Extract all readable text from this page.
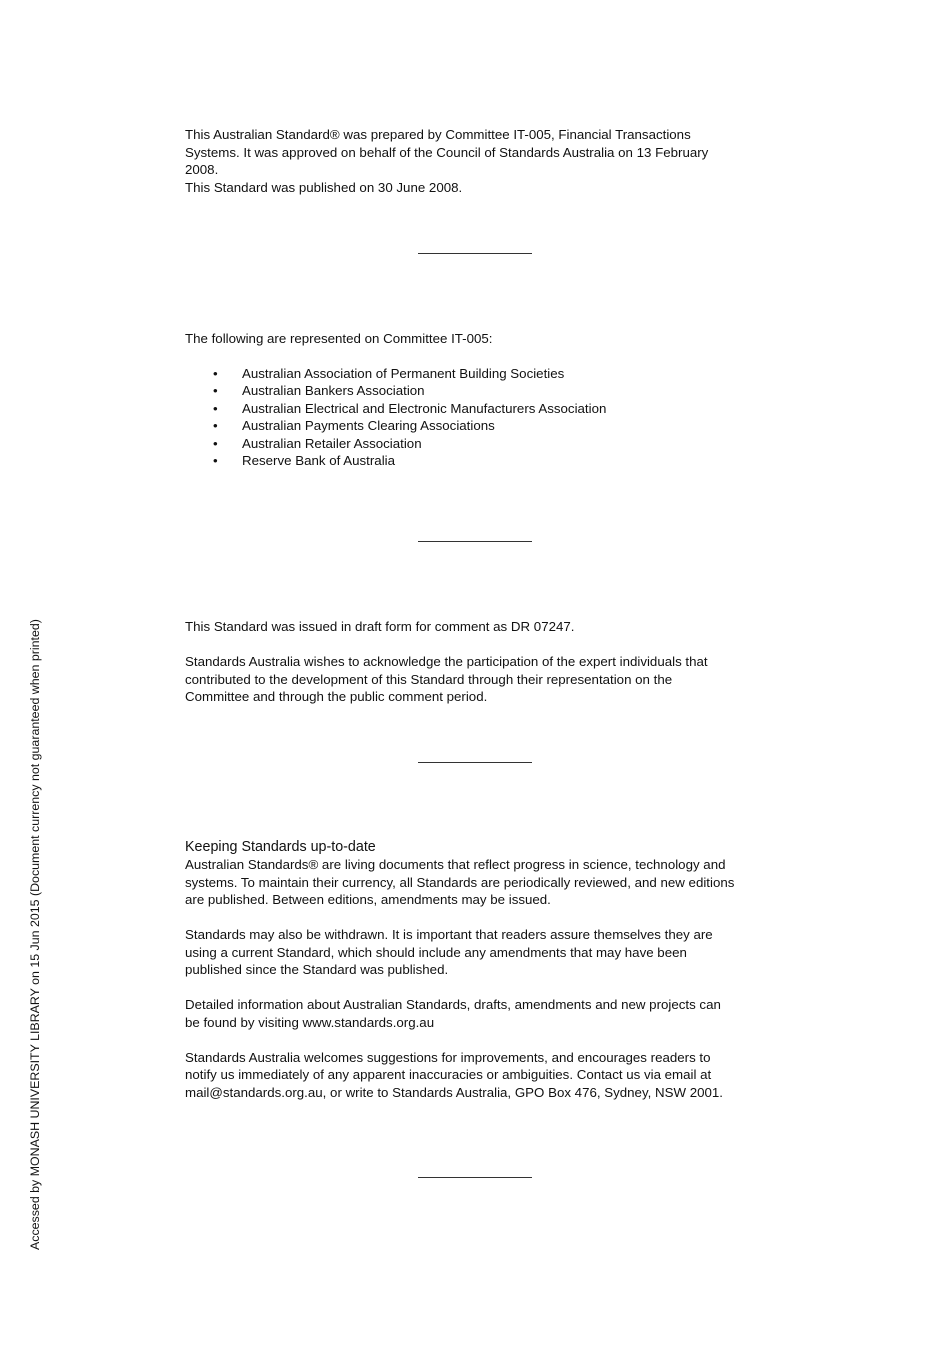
Accessed by MONASH UNIVERSITY LIBRARY on 15 Jun 2015 (Document currency not guaranteed when printed)

This Australian Standard® was prepared by Committee IT-005, Financial Transactions

Systems. It was approved on behalf of the Council of Standards Australia on 13 February

2008.

This Standard was published on 30 June 2008.

The following are represented on Committee IT-005:

• Australian Association of Permanent Building Societies
• Australian Bankers Association
• Australian Electrical and Electronic Manufacturers Association
• Australian Payments Clearing Associations
• Australian Retailer Association
• Reserve Bank of Australia

This Standard was issued in draft form for comment as DR 07247.

Standards Australia wishes to acknowledge the participation of the expert individuals that

contributed to the development of this Standard through their representation on the

Committee and through the public comment period.

Keeping Standards up-to-date

Australian Standards® are living documents that reflect progress in science, technology and

systems. To maintain their currency, all Standards are periodically reviewed, and new editions

are published. Between editions, amendments may be issued.

Standards may also be withdrawn. It is important that readers assure themselves they are

using a current Standard, which should include any amendments that may have been

published since the Standard was published.

Detailed information about Australian Standards, drafts, amendments and new projects can

be found by visiting www.standards.org.au

Standards Australia welcomes suggestions for improvements, and encourages readers to

notify us immediately of any apparent inaccuracies or ambiguities. Contact us via email at

mail@standards.org.au, or write to Standards Australia, GPO Box 476, Sydney, NSW 2001.
